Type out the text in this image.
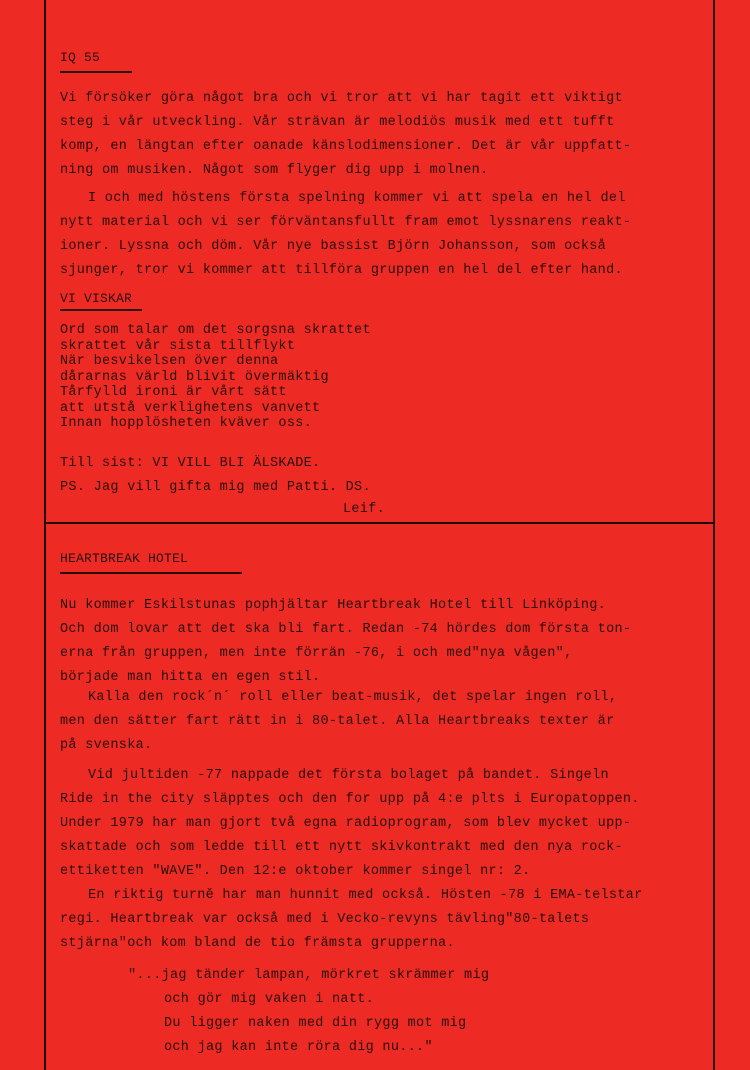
IQ 55
Vi försöker göra något bra och vi tror att vi har tagit ett viktigt
steg i vår utveckling. Vår strävan är melodiös musik med ett tufft
komp, en längtan efter oanade känslodimensioner. Det är vår uppfatt-
ning om musiken. Något som flyger dig upp i molnen.
I och med höstens första spelning kommer vi att spela en hel del
nytt material och vi ser förväntansfullt fram emot lyssnarens reakt-
ioner. Lyssna och döm. Vår nye bassist Björn Johansson, som också
sjunger, tror vi kommer att tillföra gruppen en hel del efter hand.
VI VISKAR
Ord som talar om det sorgsna skrattet
skrattet vår sista tillflykt
När besvikelsen över denna
dårarnas värld blivit övermäktig
Tårfylld ironi är vårt sätt
att utstå verklighetens vanvett
Innan hopplösheten kväver oss.
Till sist: VI VILL BLI ÄLSKADE.
PS. Jag vill gifta mig med Patti. DS.
Leif.
HEARTBREAK HOTEL
Nu kommer Eskilstunas pophjältar Heartbreak Hotel till Linköping.
Och dom lovar att det ska bli fart. Redan -74 hördes dom första ton-
erna från gruppen, men inte förrän -76, i och med"nya vågen",
började man hitta en egen stil.
Kalla den rock´n´ roll eller beat-musik, det spelar ingen roll,
men den sätter fart rätt in i 80-talet. Alla Heartbreaks texter är
på svenska.
Vid jultiden -77 nappade det första bolaget på bandet. Singeln
Ride in the city släpptes och den for upp på 4:e plts i Europatoppen.
Under 1979 har man gjort två egna radioprogram, som blev mycket upp-
skattade och som ledde till ett nytt skivkontrakt med den nya rock-
ettiketten "WAVE". Den 12:e oktober kommer singel nr: 2.
En riktig turně har man hunnit med också. Hösten -78 i EMA-telstar
regi. Heartbreak var också med i Vecko-revyns tävling"80-talets
stjärna"och kom bland de tio främsta grupperna.
"...jag tänder lampan, mörkret skrämmer mig
och gör mig vaken i natt.
Du ligger naken med din rygg mot mig
och jag kan inte röra dig nu..."
